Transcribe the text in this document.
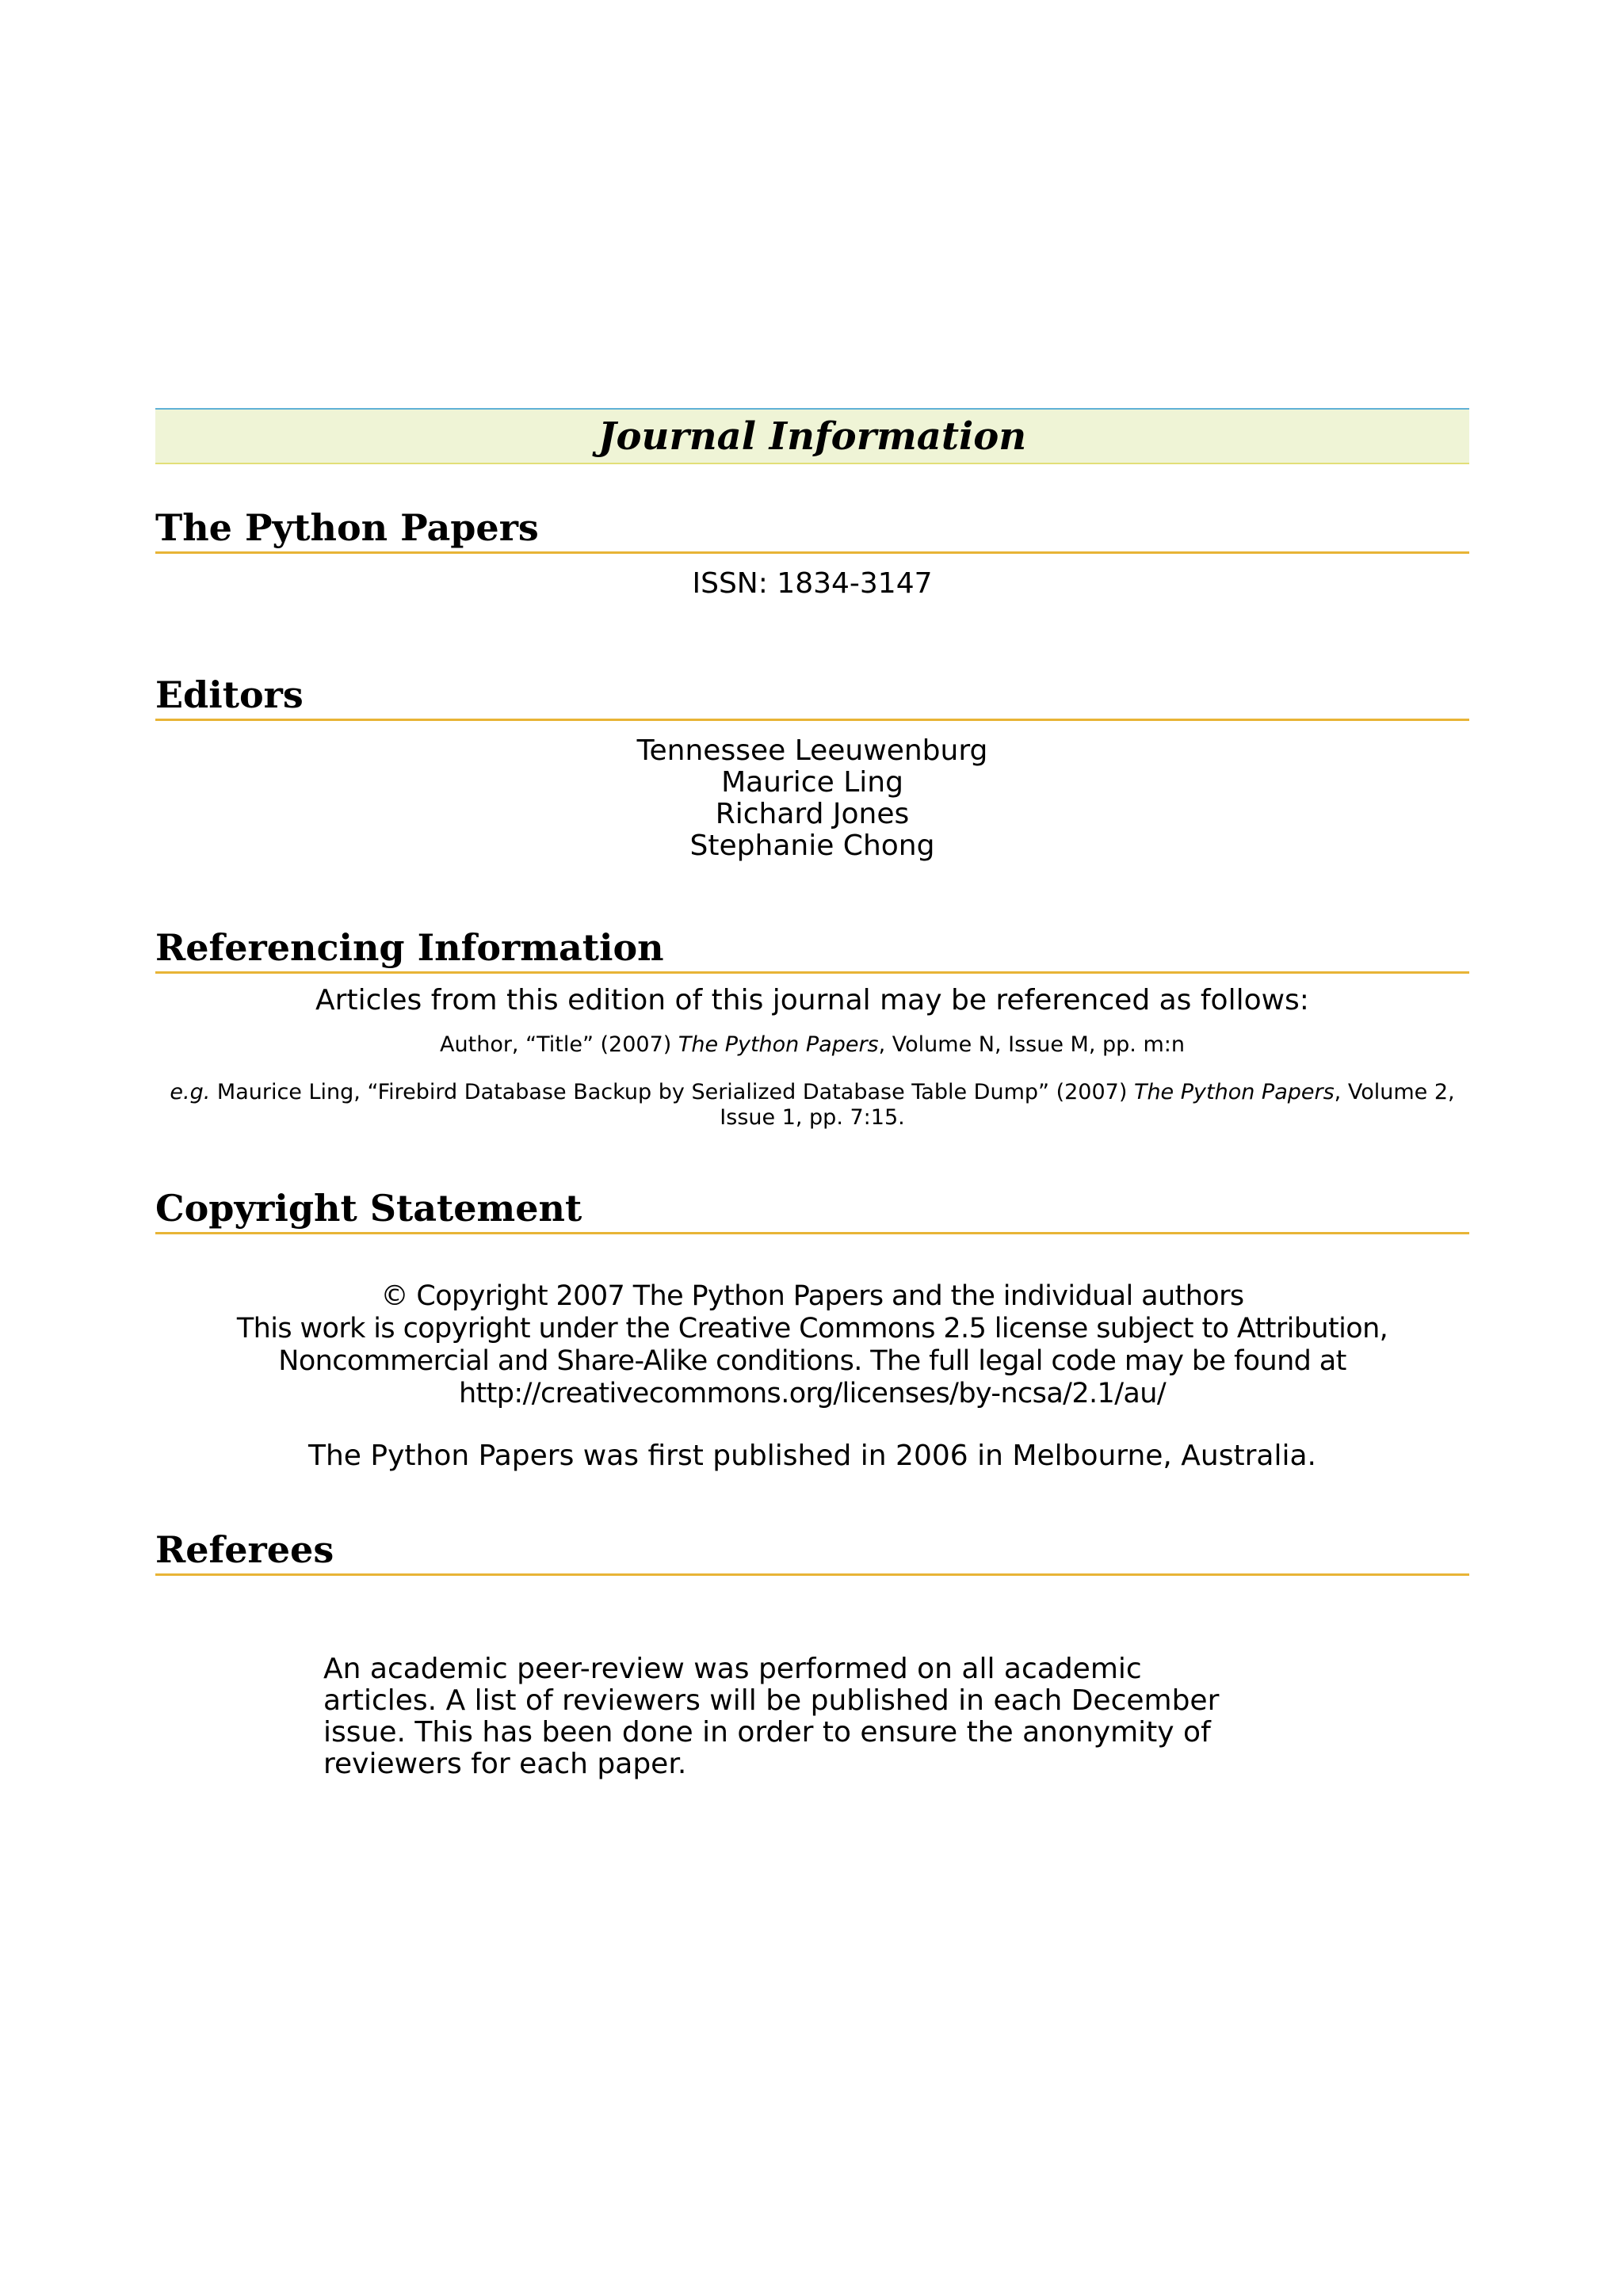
Journal Information
The Python Papers
ISSN: 1834-3147
Editors
Tennessee Leeuwenburg
Maurice Ling
Richard Jones
Stephanie Chong
Referencing Information
Articles from this edition of this journal may be referenced as follows:
Author, “Title” (2007) The Python Papers, Volume N, Issue M, pp. m:n
e.g. Maurice Ling, “Firebird Database Backup by Serialized Database Table Dump” (2007) The Python Papers, Volume 2, Issue 1, pp. 7:15.
Copyright Statement
© Copyright 2007 The Python Papers and the individual authors
This work is copyright under the Creative Commons 2.5 license subject to Attribution, Noncommercial and Share-Alike conditions. The full legal code may be found at http://creativecommons.org/licenses/by-ncsa/2.1/au/
The Python Papers was first published in 2006 in Melbourne, Australia.
Referees
An academic peer-review was performed on all academic articles. A list of reviewers will be published in each December issue. This has been done in order to ensure the anonymity of reviewers for each paper.
